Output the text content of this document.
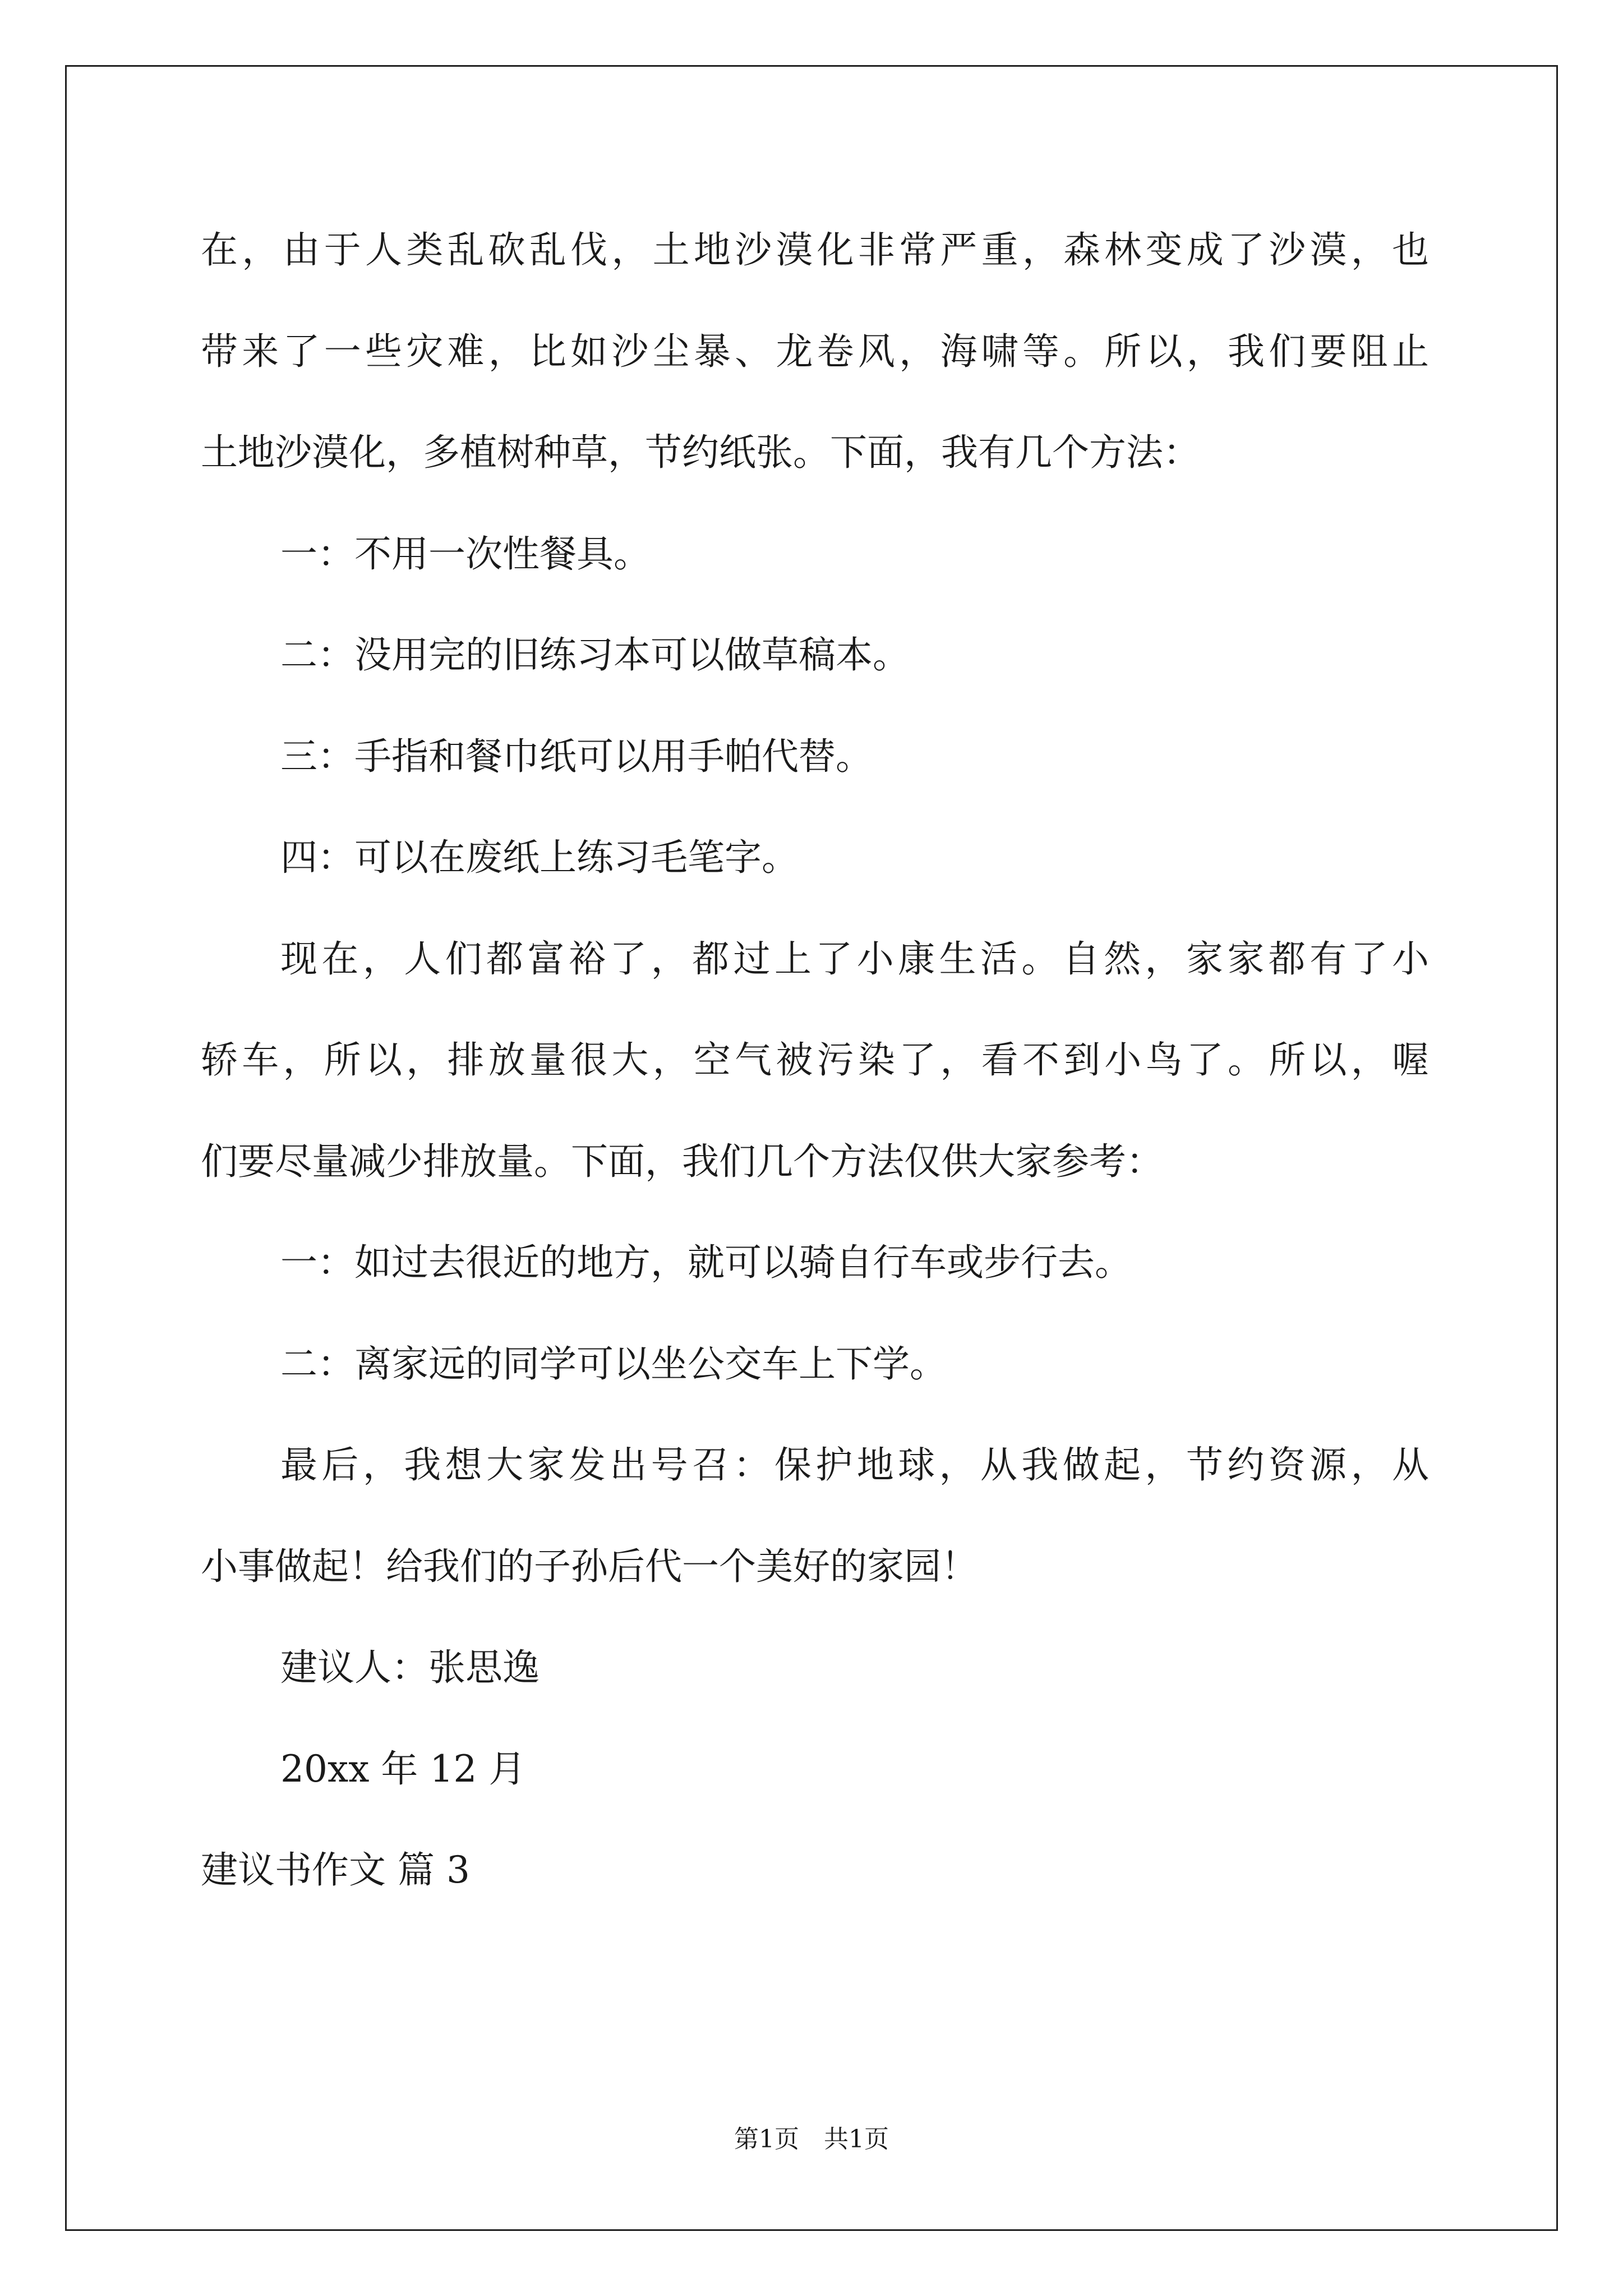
在，由于人类乱砍乱伐，土地沙漠化非常严重，森林变成了沙漠，也
带来了一些灾难，比如沙尘暴、龙卷风，海啸等。所以，我们要阻止
土地沙漠化，多植树种草，节约纸张。下面，我有几个方法：
一：不用一次性餐具。
二：没用完的旧练习本可以做草稿本。
三：手指和餐巾纸可以用手帕代替。
四：可以在废纸上练习毛笔字。
现在，人们都富裕了，都过上了小康生活。自然，家家都有了小
轿车，所以，排放量很大，空气被污染了，看不到小鸟了。所以，喔
们要尽量减少排放量。下面，我们几个方法仅供大家参考：
一：如过去很近的地方，就可以骑自行车或步行去。
二：离家远的同学可以坐公交车上下学。
最后，我想大家发出号召：保护地球，从我做起，节约资源，从
小事做起！给我们的子孙后代一个美好的家园！
建议人：张思逸
20xx 年 12 月
建议书作文 篇 3
第1页　共1页
